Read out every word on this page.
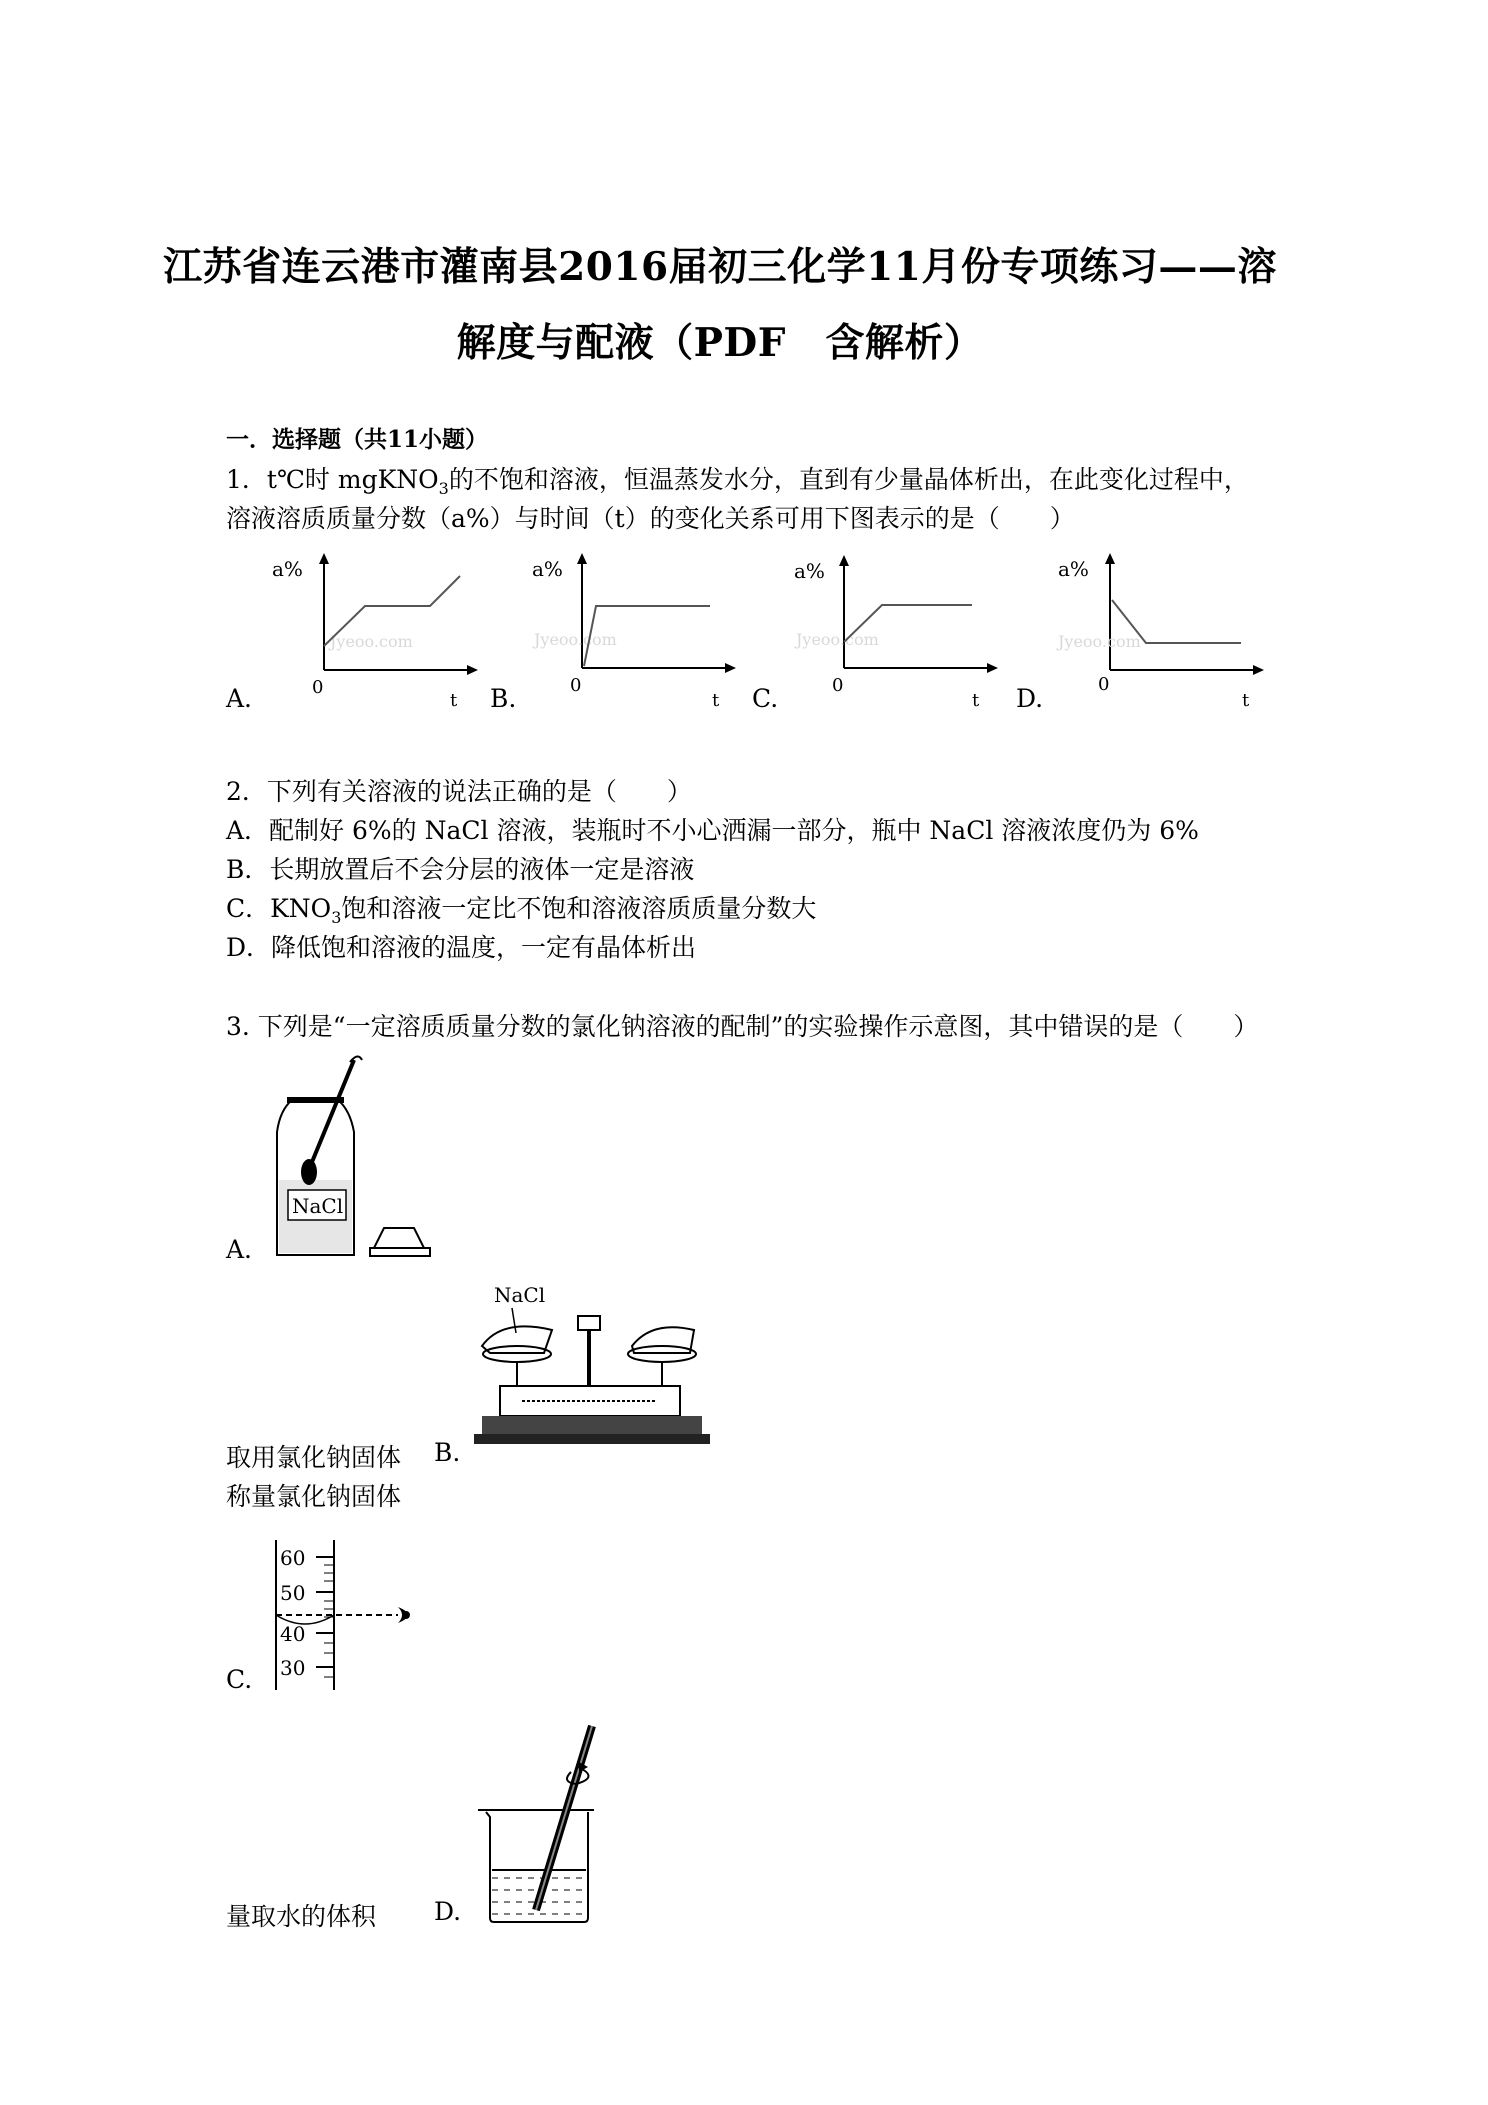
江苏省连云港市灌南县2016届初三化学11月份专项练习——溶
解度与配液（PDF　含解析）
一．选择题（共11小题）
1．t℃时 mgKNO$_3$的不饱和溶液，恒温蒸发水分，直到有少量晶体析出，在此变化过程中，
溶液溶质质量分数（a%）与时间（t）的变化关系可用下图表示的是（　　）
A.	B.	C.	D.
a%
Jyeoo.com
0
t
a%
Jyeoo.com
0
t
a%
Jyeoo.com
0
t
a%
Jyeoo.com
0
t
2．下列有关溶液的说法正确的是（　　）
A．配制好 6%的 NaCl 溶液，装瓶时不小心洒漏一部分，瓶中 NaCl 溶液浓度仍为 6%
B．长期放置后不会分层的液体一定是溶液
C．$KNO_3$饱和溶液一定比不饱和溶液溶质质量分数大
D．降低饱和溶液的温度，一定有晶体析出
3. 下列是“一定溶质质量分数的氯化钠溶液的配制”的实验操作示意图，其中错误的是（　　）
A.
NaCl
取用氯化钠固体 B.
称量氯化钠固体
NaCl
C.
60
50
40
30
量取水的体积 D.
